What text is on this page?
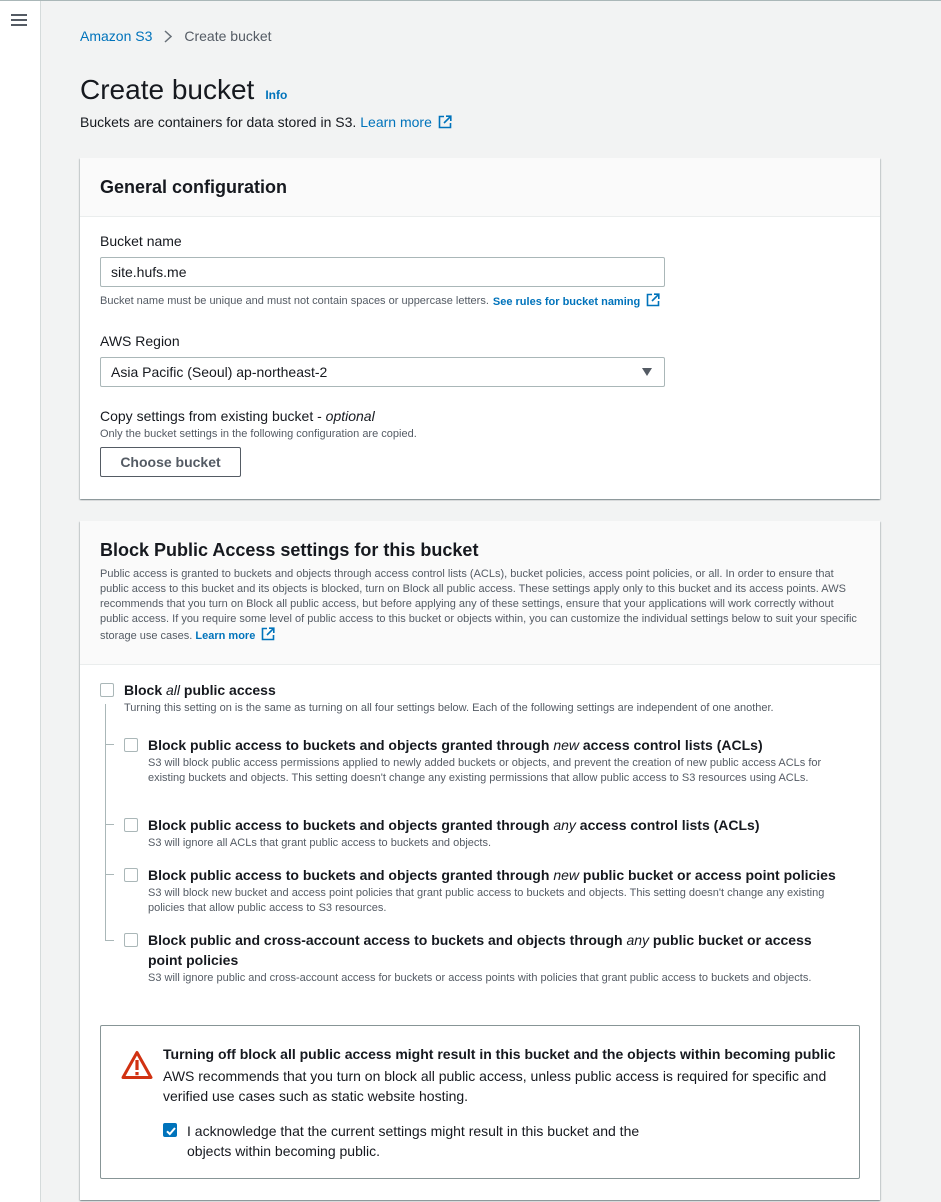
Amazon S3 Create bucket
Create bucket Info
Buckets are containers for data stored in S3. Learn more
General configuration
Bucket name
site.hufs.me
Bucket name must be unique and must not contain spaces or uppercase letters. See rules for bucket naming
AWS Region
Asia Pacific (Seoul) ap-northeast-2
Copy settings from existing bucket - optional
Only the bucket settings in the following configuration are copied.
Choose bucket
Block Public Access settings for this bucket

Public access is granted to buckets and objects through access control lists (ACLs), bucket policies, access point policies, or all. In order to ensure that public access to this bucket and its objects is blocked, turn on Block all public access. These settings apply only to this bucket and its access points. AWS recommends that you turn on Block all public access, but before applying any of these settings, ensure that your applications will work correctly without public access. If you require some level of public access to this bucket or objects within, you can customize the individual settings below to suit your specific storage use cases. Learn more

Block all public access
Turning this setting on is the same as turning on all four settings below. Each of the following settings are independent of one another.
Block public access to buckets and objects granted through new access control lists (ACLs)
S3 will block public access permissions applied to newly added buckets or objects, and prevent the creation of new public access ACLs for existing buckets and objects. This setting doesn't change any existing permissions that allow public access to S3 resources using ACLs.
Block public access to buckets and objects granted through any access control lists (ACLs)
S3 will ignore all ACLs that grant public access to buckets and objects.
Block public access to buckets and objects granted through new public bucket or access point policies
S3 will block new bucket and access point policies that grant public access to buckets and objects. This setting doesn't change any existing policies that allow public access to S3 resources.
Block public and cross-account access to buckets and objects through any public bucket or access point policies
S3 will ignore public and cross-account access for buckets or access points with policies that grant public access to buckets and objects.
Turning off block all public access might result in this bucket and the objects within becoming public
AWS recommends that you turn on block all public access, unless public access is required for specific and verified use cases such as static website hosting.
I acknowledge that the current settings might result in this bucket and the objects within becoming public.
